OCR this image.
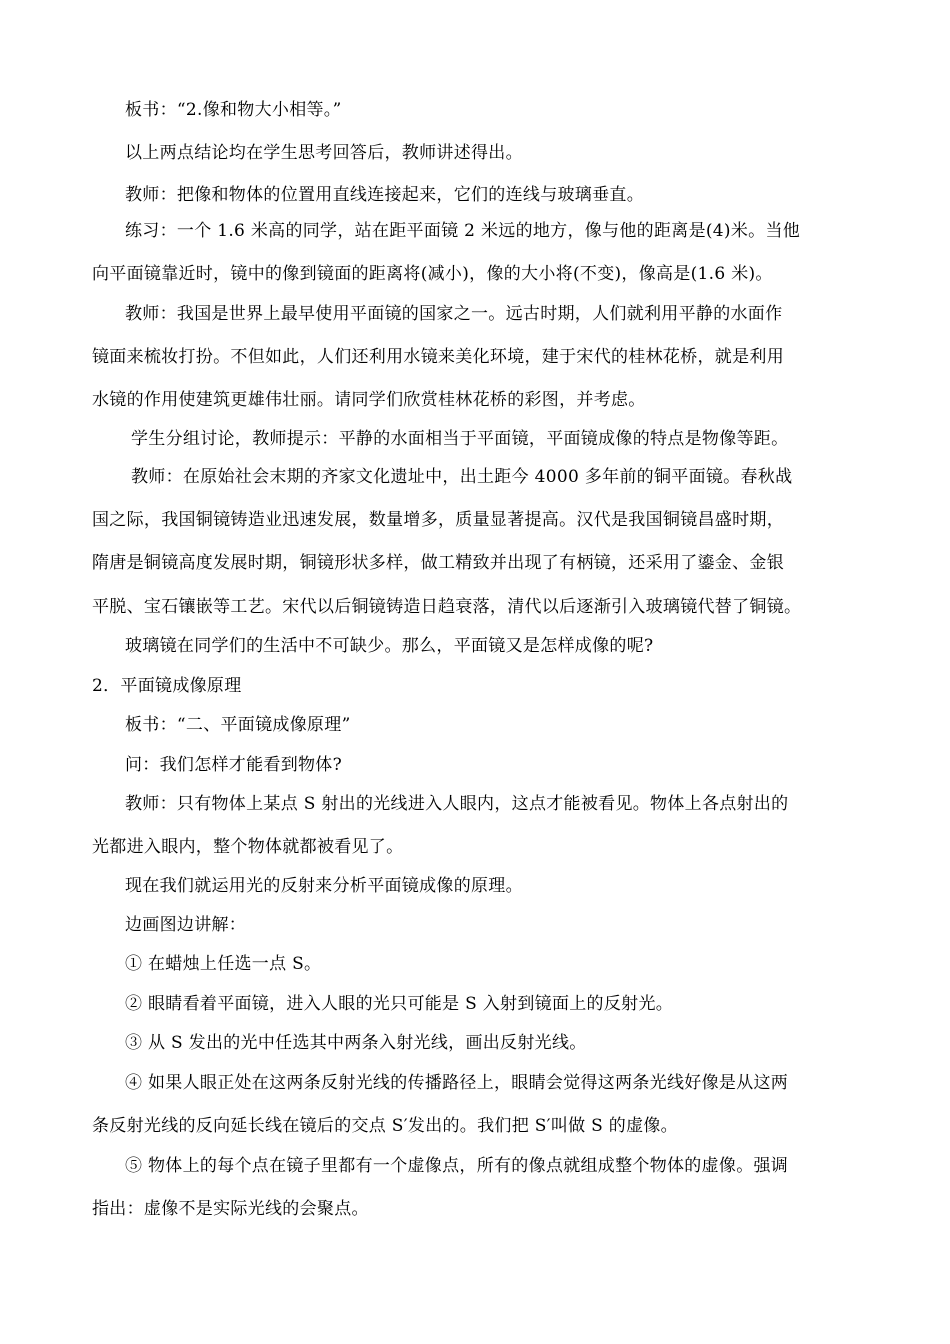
板书：“2.像和物大小相等。”
以上两点结论均在学生思考回答后，教师讲述得出。
教师：把像和物体的位置用直线连接起来，它们的连线与玻璃垂直。
练习：一个 1.6 米高的同学，站在距平面镜 2 米远的地方，像与他的距离是(4)米。当他
向平面镜靠近时，镜中的像到镜面的距离将(减小)，像的大小将(不变)，像高是(1.6 米)。
教师：我国是世界上最早使用平面镜的国家之一。远古时期，人们就利用平静的水面作
镜面来梳妆打扮。不但如此，人们还利用水镜来美化环境，建于宋代的桂林花桥，就是利用
水镜的作用使建筑更雄伟壮丽。请同学们欣赏桂林花桥的彩图，并考虑。
学生分组讨论，教师提示：平静的水面相当于平面镜，平面镜成像的特点是物像等距。
教师：在原始社会末期的齐家文化遗址中，出土距今 4000 多年前的铜平面镜。春秋战
国之际，我国铜镜铸造业迅速发展，数量增多，质量显著提高。汉代是我国铜镜昌盛时期，
隋唐是铜镜高度发展时期，铜镜形状多样，做工精致并出现了有柄镜，还采用了鎏金、金银
平脱、宝石镶嵌等工艺。宋代以后铜镜铸造日趋衰落，清代以后逐渐引入玻璃镜代替了铜镜。
玻璃镜在同学们的生活中不可缺少。那么，平面镜又是怎样成像的呢?
2．平面镜成像原理
板书：“二、平面镜成像原理”
问：我们怎样才能看到物体?
教师：只有物体上某点 S 射出的光线进入人眼内，这点才能被看见。物体上各点射出的
光都进入眼内，整个物体就都被看见了。
现在我们就运用光的反射来分析平面镜成像的原理。
边画图边讲解：
① 在蜡烛上任选一点 S。
② 眼睛看着平面镜，进入人眼的光只可能是 S 入射到镜面上的反射光。
③ 从 S 发出的光中任选其中两条入射光线，画出反射光线。
④ 如果人眼正处在这两条反射光线的传播路径上，眼睛会觉得这两条光线好像是从这两
条反射光线的反向延长线在镜后的交点 S′发出的。我们把 S′叫做 S 的虚像。
⑤ 物体上的每个点在镜子里都有一个虚像点，所有的像点就组成整个物体的虚像。强调
指出：虚像不是实际光线的会聚点。
